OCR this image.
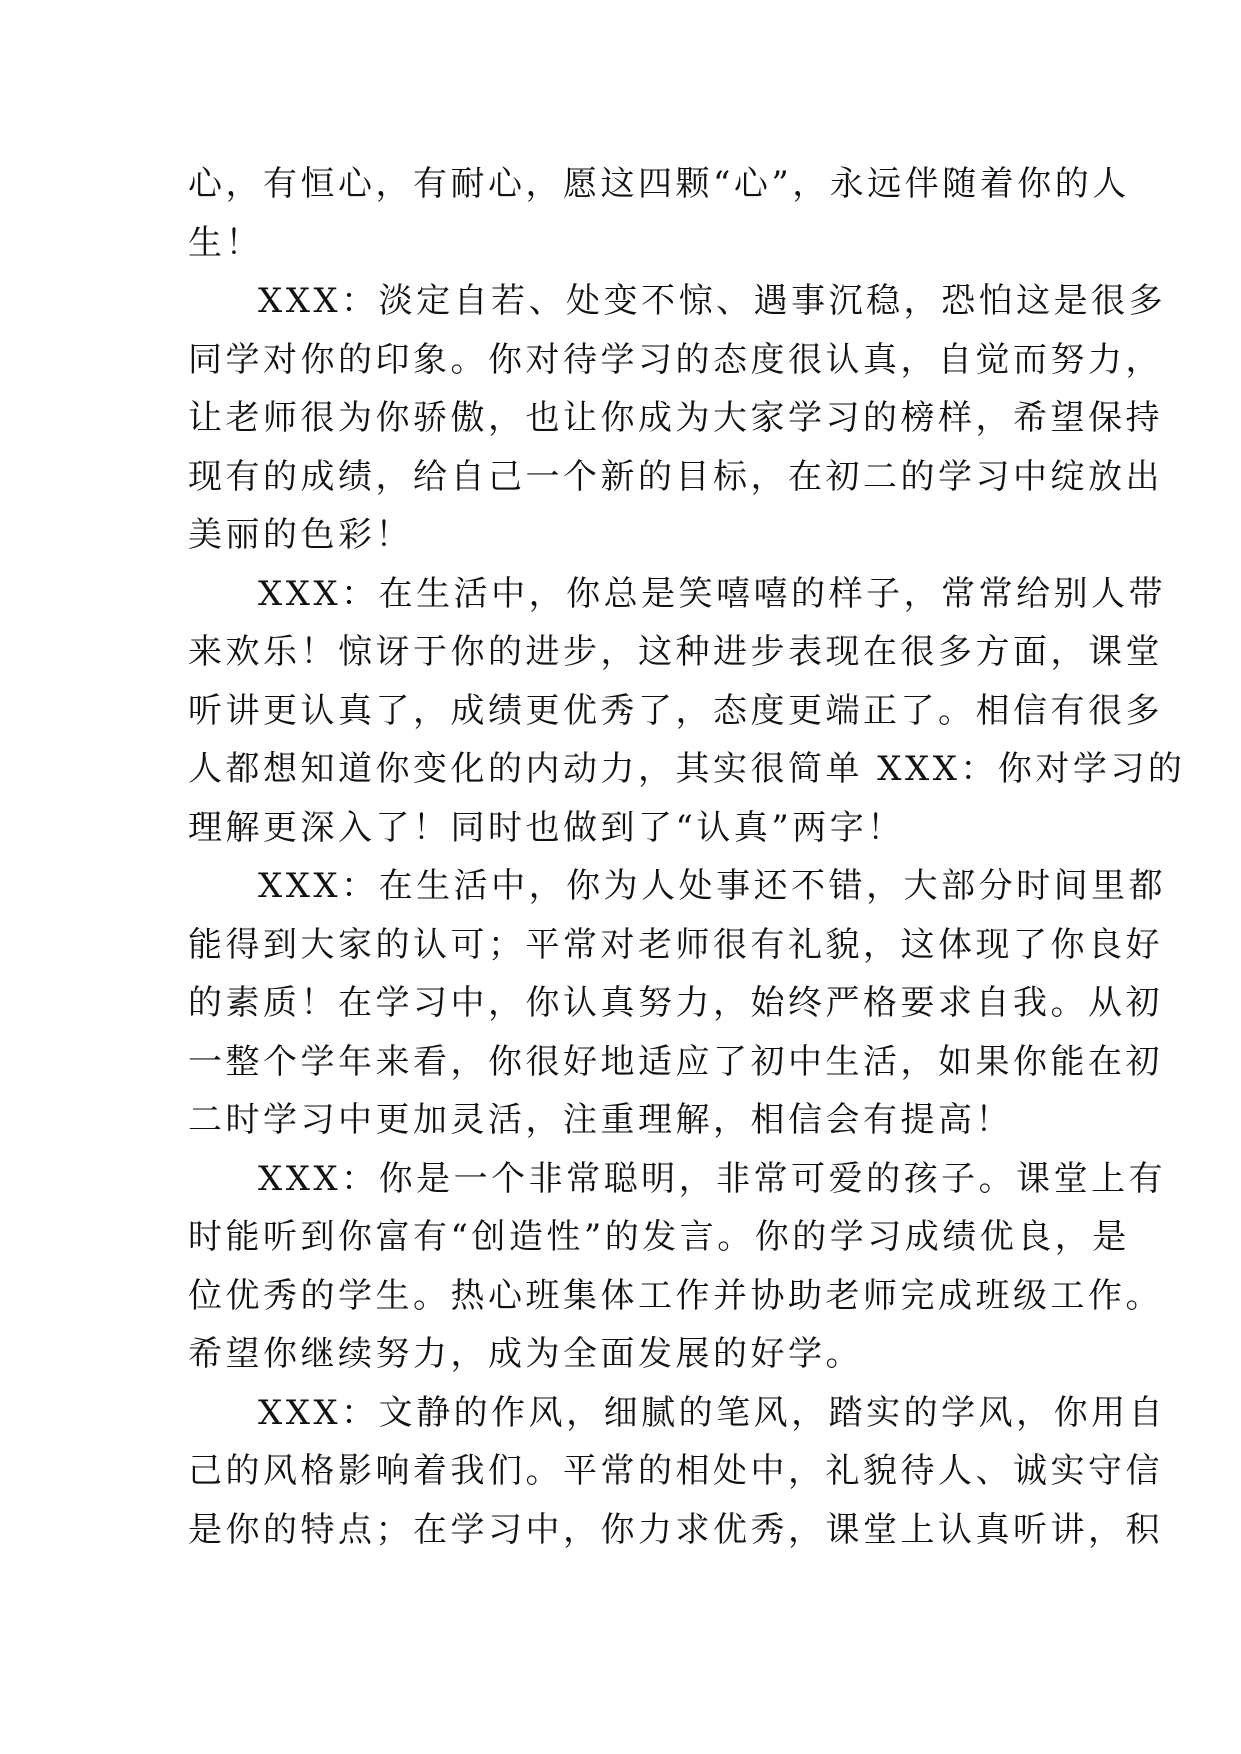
心，有恒心，有耐心，愿这四颗“心”，永远伴随着你的人

生！

XXX：淡定自若、处变不惊、遇事沉稳，恐怕这是很多

同学对你的印象。你对待学习的态度很认真，自觉而努力，

让老师很为你骄傲，也让你成为大家学习的榜样，希望保持

现有的成绩，给自己一个新的目标，在初二的学习中绽放出

美丽的色彩！

XXX：在生活中，你总是笑嘻嘻的样子，常常给别人带

来欢乐！惊讶于你的进步，这种进步表现在很多方面，课堂

听讲更认真了，成绩更优秀了，态度更端正了。相信有很多

人都想知道你变化的内动力，其实很简单 XXX：你对学习的

理解更深入了！同时也做到了“认真”两字！

XXX：在生活中，你为人处事还不错，大部分时间里都

能得到大家的认可；平常对老师很有礼貌，这体现了你良好

的素质！在学习中，你认真努力，始终严格要求自我。从初

一整个学年来看，你很好地适应了初中生活，如果你能在初

二时学习中更加灵活，注重理解，相信会有提高！

XXX：你是一个非常聪明，非常可爱的孩子。课堂上有

时能听到你富有“创造性”的发言。你的学习成绩优良，是

位优秀的学生。热心班集体工作并协助老师完成班级工作。

希望你继续努力，成为全面发展的好学。

XXX：文静的作风，细腻的笔风，踏实的学风，你用自

己的风格影响着我们。平常的相处中，礼貌待人、诚实守信

是你的特点；在学习中，你力求优秀，课堂上认真听讲，积
